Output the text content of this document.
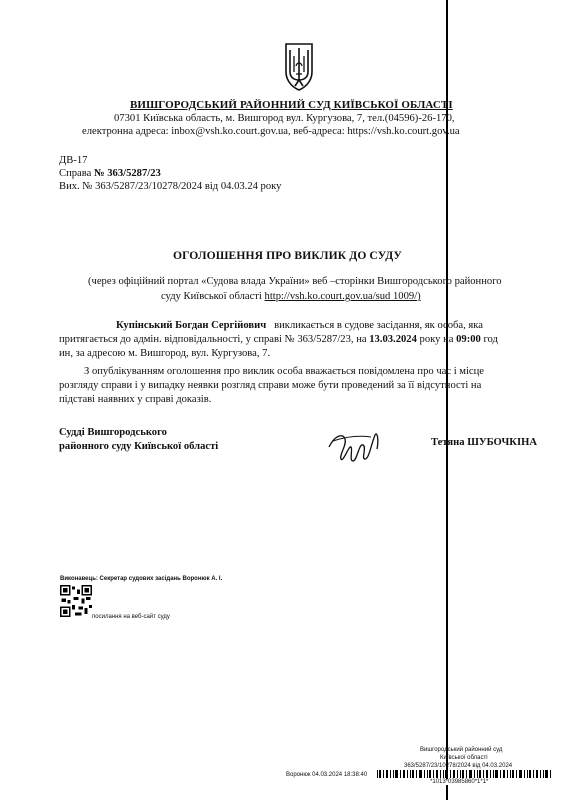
ВИШГОРОДСЬКИЙ РАЙОННИЙ СУД КИЇВСЬКОЇ ОБЛАСТІ
07301 Київська область, м. Вишгород вул. Кургузова, 7, тел.(04596)-26-170,
електронна адреса: inbox@vsh.ko.court.gov.ua, веб-адреса: https://vsh.ko.court.gov.ua
ДВ-17
Справа № 363/5287/23
Вих. № 363/5287/23/10278/2024 від 04.03.24 року
ОГОЛОШЕННЯ ПРО ВИКЛИК ДО СУДУ
(через офіційний портал «Судова влада України» веб –сторінки Вишгородського районного
суду Київської області http://vsh.ko.court.gov.ua/sud 1009/)
Купінський Богдан Сергійович викликається в судове засідання, як особа, яка
притягається до адмін. відповідальності, у справі № 363/5287/23, на 13.03.2024 року на 09:00 год
ин, за адресою м. Вишгород, вул. Кургузова, 7.
З опублікуванням оголошення про виклик особа вважається повідомлена про час і місце
розгляду справи і у випадку неявки розгляд справи може бути проведений за її відсутності на
підставі наявних у справі доказів.
Судді Вишгородського
районного суду Київської області	Тетяна ШУБОЧКІНА
Виконавець: Секретар судових засідань Воронюк А. І.
посилання на веб-сайт суду
Вишгородський районний суд
Київської області
363/5287/23/10278/2024 від 04.03.2024
Воронюк 04.03.2024 18:38:40
*1013*03985860*1*1*
